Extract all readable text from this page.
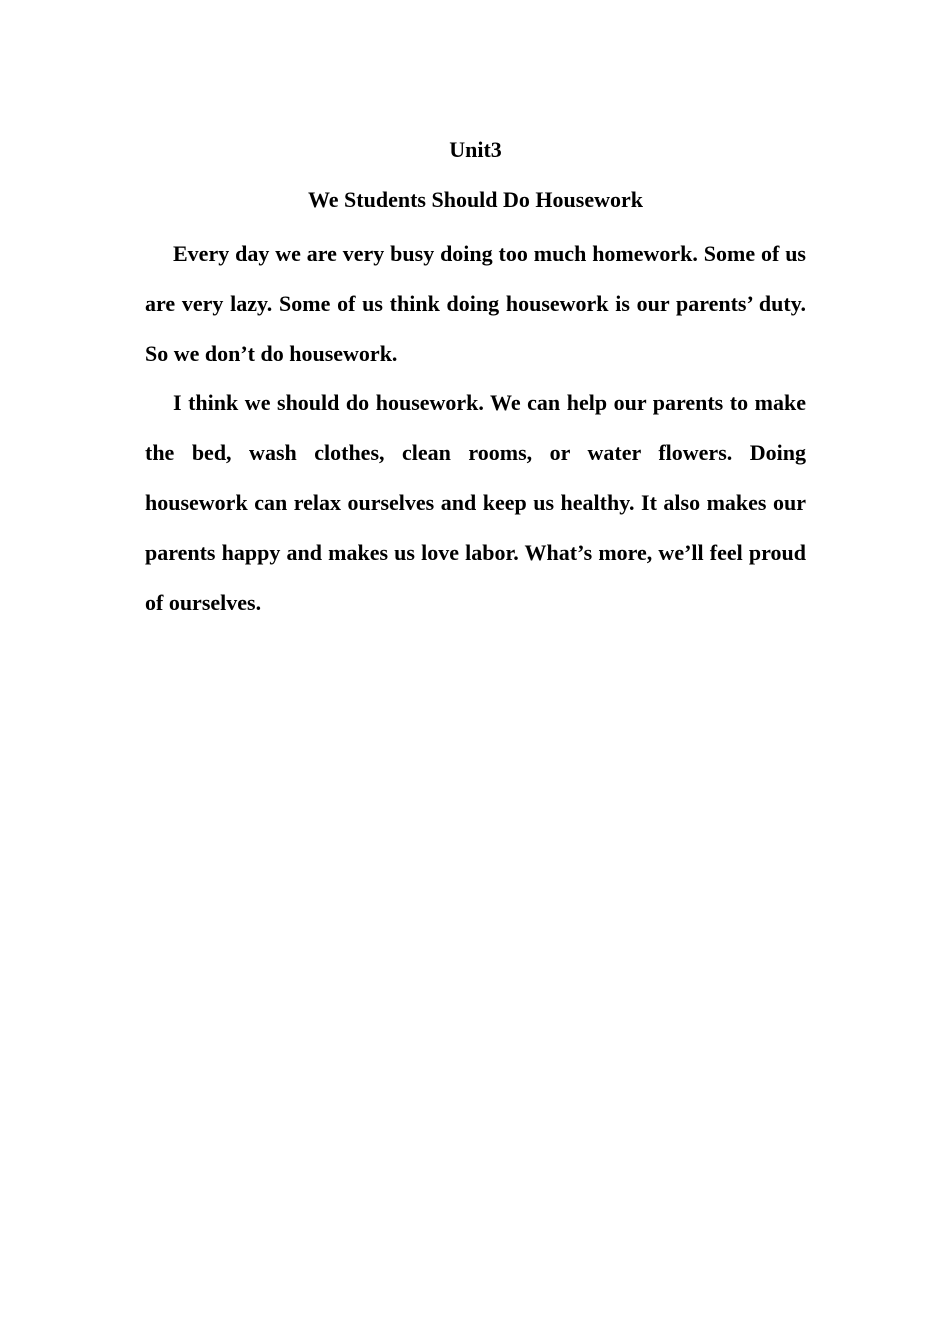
Unit3
We Students Should Do Housework

Every day we are very busy doing too much homework. Some of us are very lazy. Some of us think doing housework is our parents’ duty. So we don’t do housework.

I think we should do housework. We can help our parents to make the bed, wash clothes, clean rooms, or water flowers. Doing housework can relax ourselves and keep us healthy. It also makes our parents happy and makes us love labor. What’s more, we’ll feel proud of ourselves.
